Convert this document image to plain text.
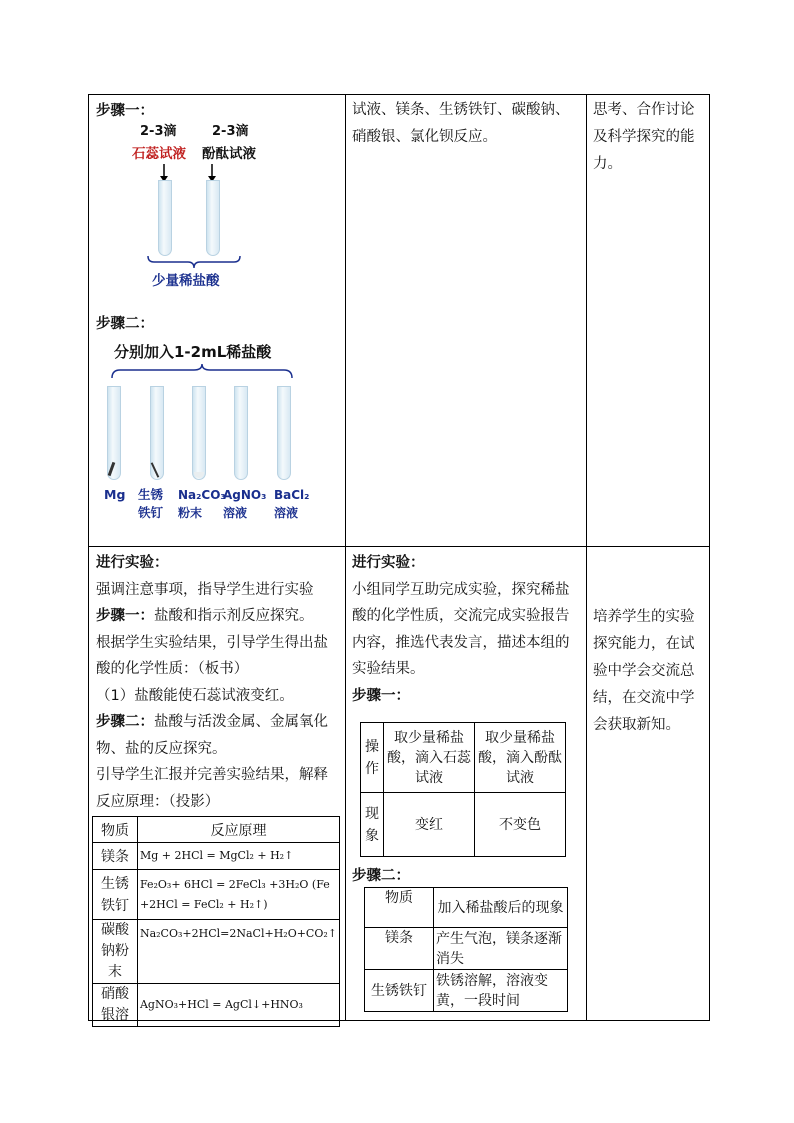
步骤一：
2-3滴	2-3滴
石蕊试液 酚酞试液
少量稀盐酸
步骤二：
分别加入1-2mL稀盐酸
Mg 生锈
铁钉
Na₂CO₃
粉末
AgNO₃
溶液
BaCl₂
溶液
试液、镁条、生锈铁钉、碳酸钠、硝酸银、氯化钡反应。
思考、合作讨论及科学探究的能力。
进行实验：
强调注意事项，指导学生进行实验
步骤一：盐酸和指示剂反应探究。
根据学生实验结果，引导学生得出盐酸的化学性质：（板书）
（1）盐酸能使石蕊试液变红。
步骤二：盐酸与活泼金属、金属氧化物、盐的反应探究。
引导学生汇报并完善实验结果，解释反应原理：（投影）
物质	反应原理
镁条	Mg + 2HCl = MgCl₂ + H₂↑
生锈铁钉	Fe₂O₃+ 6HCl = 2FeCl₃ +3H₂O (Fe +2HCl = FeCl₂ + H₂↑)
碳酸钠粉末	Na₂CO₃+2HCl=2NaCl+H₂O+CO₂↑
硝酸银溶	AgNO₃+HCl = AgCl↓+HNO₃
进行实验：
小组同学互助完成实验，探究稀盐酸的化学性质，交流完成实验报告内容，推选代表发言，描述本组的实验结果。
步骤一：
操作	取少量稀盐酸，滴入石蕊试液	取少量稀盐酸，滴入酚酞试液
现象	变红	不变色
步骤二：
物质	加入稀盐酸后的现象
镁条	产生气泡，镁条逐渐消失
生锈铁钉	铁锈溶解，溶液变黄，一段时间
培养学生的实验探究能力，在试验中学会交流总结，在交流中学会获取新知。
